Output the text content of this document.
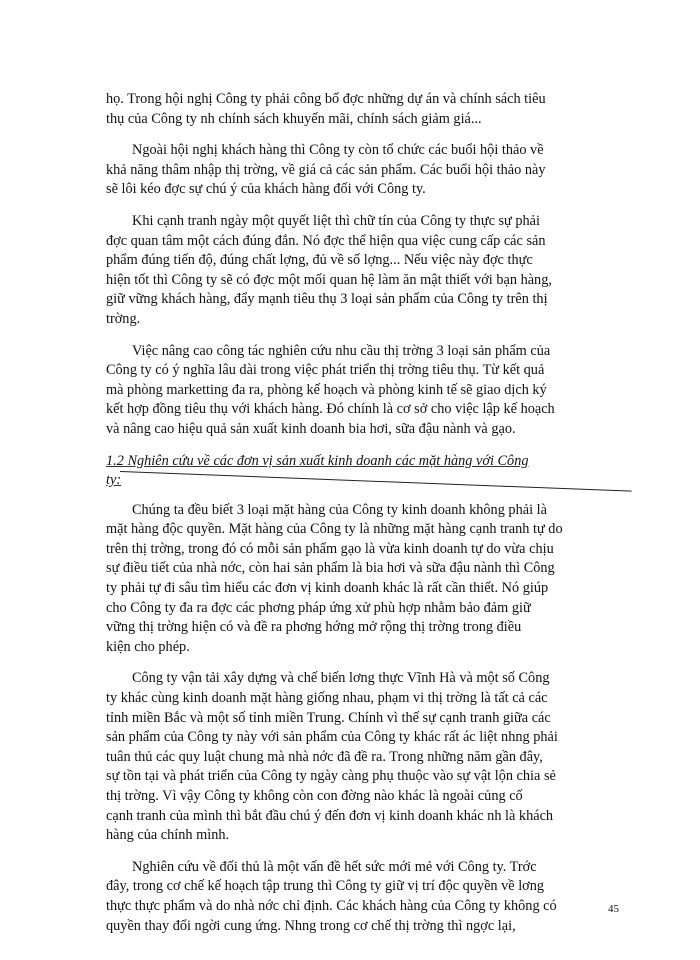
họ. Trong hội nghị Công ty phải công bố đợc những dự án và chính sách tiêu
thụ của Công ty nh chính sách khuyến mãi, chính sách giảm giá...
Ngoài hội nghị khách hàng thì Công ty còn tổ chức các buổi hội thảo về
khả năng thâm nhập thị trờng, về giá cả các sản phẩm. Các buổi hội thảo này
sẽ lôi kéo đợc sự chú ý của khách hàng đối với Công ty.
Khi cạnh tranh ngày một quyết liệt thì chữ tín của Công ty thực sự phải
đợc quan tâm một cách đúng đắn. Nó đợc thể hiện qua việc cung cấp các sản
phẩm đúng tiến độ, đúng chất lợng, đủ về số lợng... Nếu việc này đợc thực
hiện tốt thì Công ty sẽ có đợc một mối quan hệ làm ăn mật thiết với bạn hàng,
giữ vững khách hàng, đẩy mạnh tiêu thụ 3 loại sản phẩm của Công ty trên thị
trờng.
Việc nâng cao công tác nghiên cứu nhu cầu thị trờng 3 loại sản phẩm của
Công ty có ý nghĩa lâu dài trong việc phát triển thị trờng tiêu thụ. Từ kết quả
mà phòng marketting đa ra, phòng kế hoạch và phòng kinh tế sẽ giao dịch ký
kết hợp đồng tiêu thụ với khách hàng. Đó chính là cơ sở cho việc lập kế hoạch
và nâng cao hiệu quả sản xuất kinh doanh bia hơi, sữa đậu nành và gạo.
1.2 Nghiên cứu về các đơn vị sản xuất kinh doanh các mặt hàng với Công
ty:
Chúng ta đều biết 3 loại mặt hàng của Công ty kinh doanh không phải là
mặt hàng độc quyền. Mặt hàng của Công ty là những mặt hàng cạnh tranh tự do
trên thị trờng, trong đó có mỗi sản phẩm gạo là vừa kinh doanh tự do vừa chịu
sự điều tiết của nhà nớc, còn hai sản phẩm là bia hơi và sữa đậu nành thì Công
ty phải tự đi sâu tìm hiểu các đơn vị kinh doanh khác là rất cần thiết. Nó giúp
cho Công ty đa ra đợc các phơng pháp ứng xử phù hợp nhằm bảo đảm giữ
vững thị trờng hiện có và đề ra phơng hớng mở rộng thị trờng trong điều
kiện cho phép.
Công ty vận tải xây dựng và chế biến lơng thực Vĩnh Hà và một số Công
ty khác cùng kinh doanh mặt hàng giống nhau, phạm vi thị trờng là tất cả các
tỉnh miền Bắc và một số tỉnh miền Trung. Chính vì thế sự cạnh tranh giữa các
sản phẩm của Công ty này với sản phẩm của Công ty khác rất ác liệt nhng phải
tuân thủ các quy luật chung mà nhà nớc đã đề ra. Trong những năm gần đây,
sự tồn tại và phát triển của Công ty ngày càng phụ thuộc vào sự vật lộn chia sẻ
thị trờng. Vì vậy Công ty không còn con đờng nào khác là ngoài củng cố
cạnh tranh của mình thì bắt đầu chú ý đến đơn vị kinh doanh khác nh là khách
hàng của chính mình.
Nghiên cứu về đối thủ là một vấn đề hết sức mới mẻ với Công ty. Trớc
đây, trong cơ chế kế hoạch tập trung thì Công ty giữ vị trí độc quyền về lơng
thực thực phẩm và do nhà nớc chỉ định. Các khách hàng của Công ty không có
quyền thay đổi ngời cung ứng. Nhng trong cơ chế thị trờng thì ngợc lại,
45
